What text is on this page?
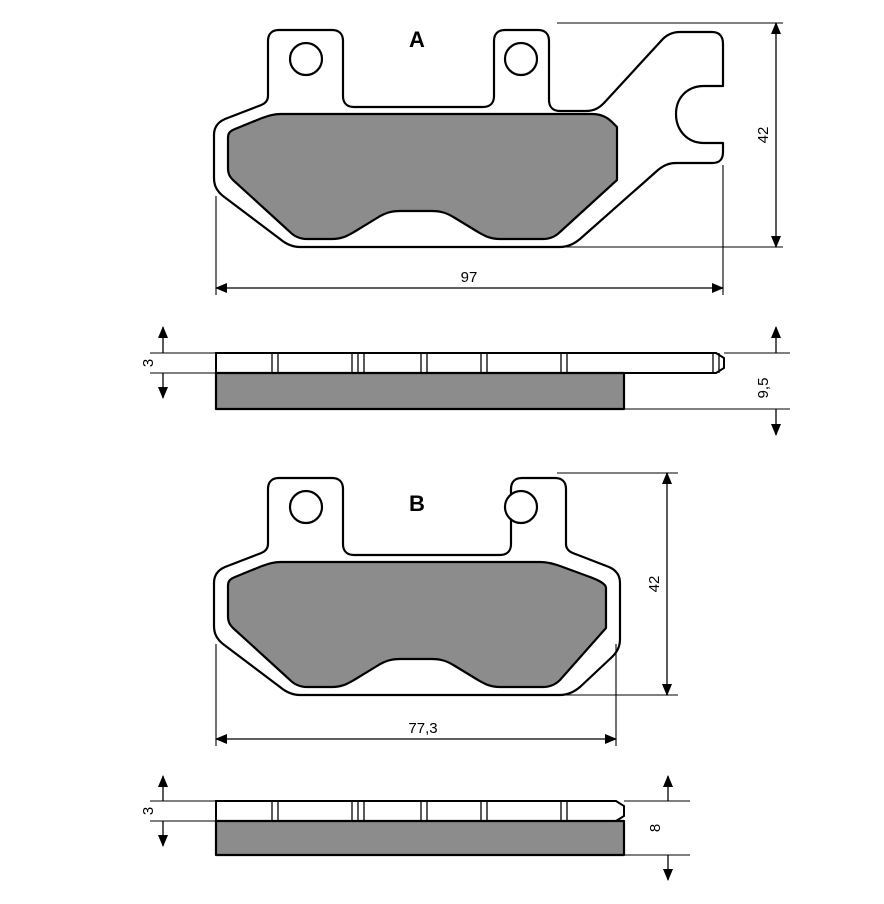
97
42
A
3
9,5
77,3
42
B
3
8
